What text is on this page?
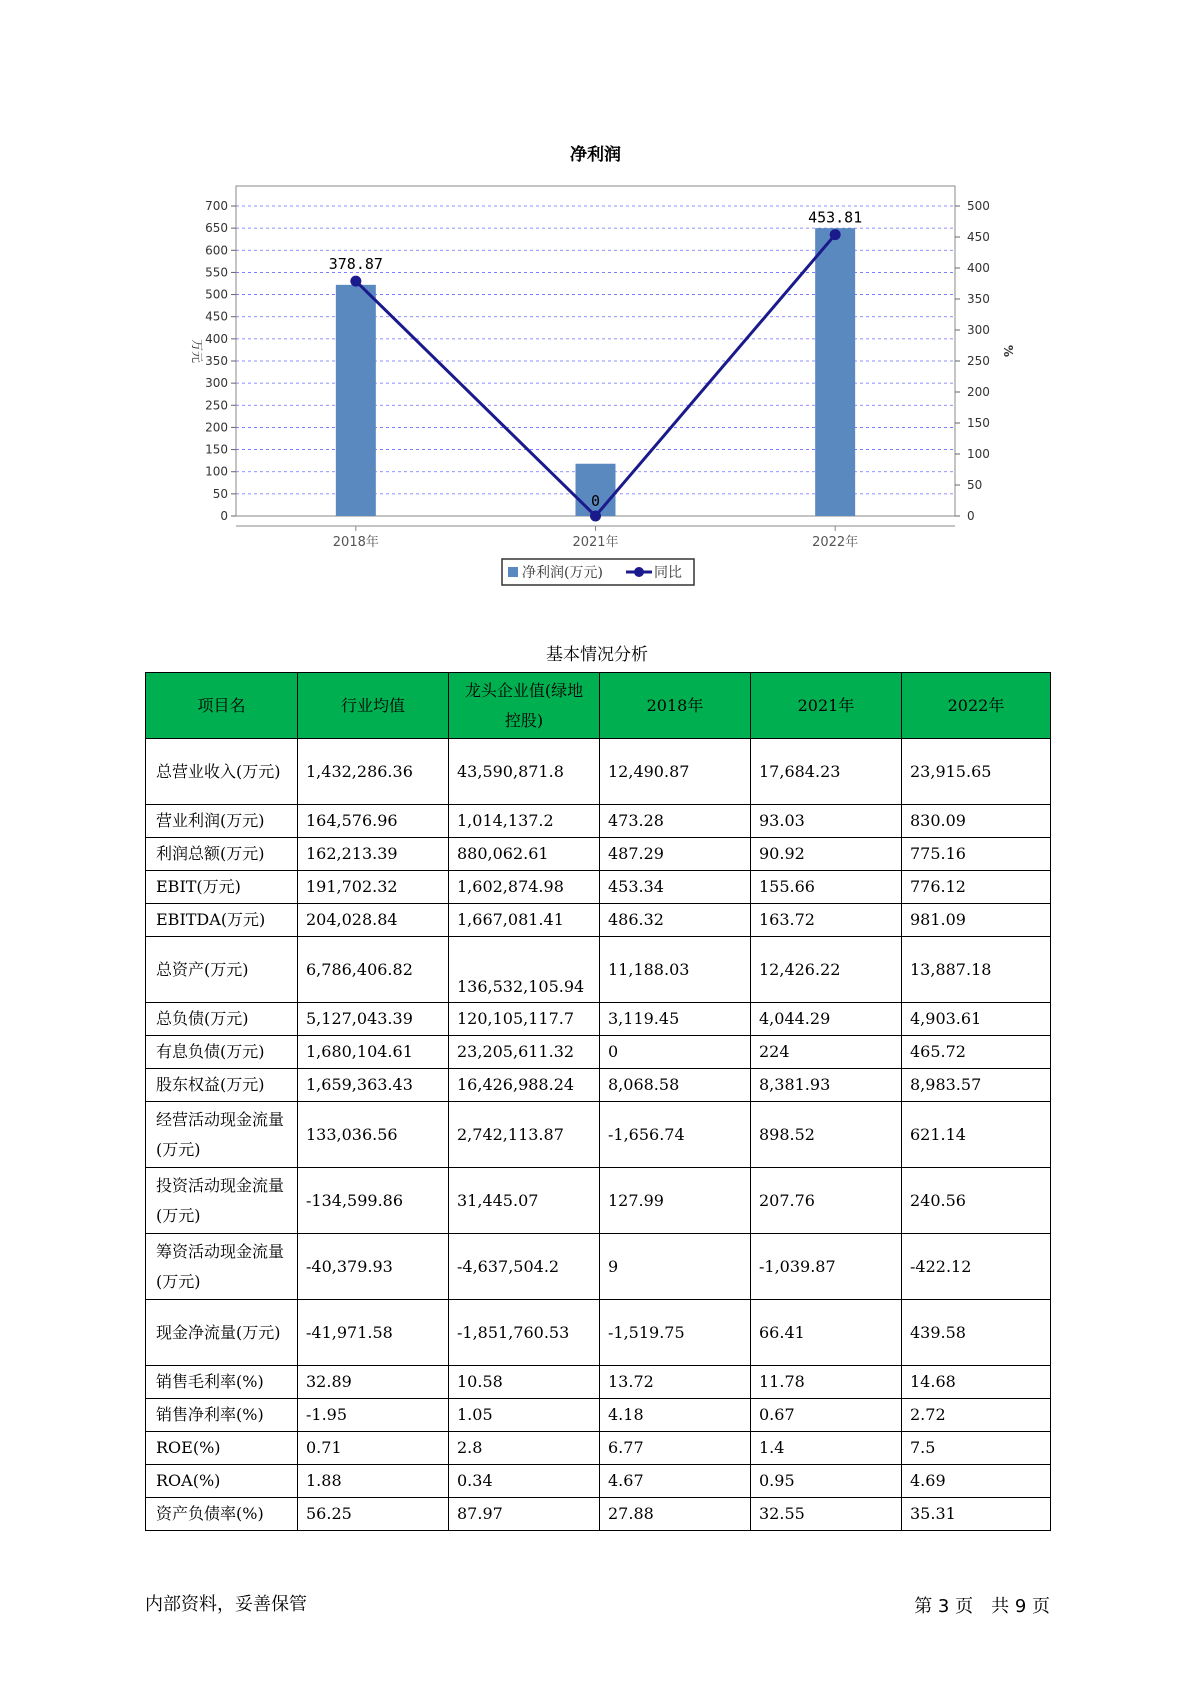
净利润
0
50
100
150
200
250
300
350
400
450
500
550
600
650
700
0
50
100
150
200
250
300
350
400
450
500
万元	%
2018年	2021年	2022年
378.87
0
453.81
净利润(万元)	同比
基本情况分析
项目名	行业均值	龙头企业值(绿地控股)	2018年	2021年	2022年
总营业收入(万元)	1,432,286.36	43,590,871.8	12,490.87	17,684.23	23,915.65
营业利润(万元)	164,576.96	1,014,137.2	473.28	93.03	830.09
利润总额(万元)	162,213.39	880,062.61	487.29	90.92	775.16
EBIT(万元)	191,702.32	1,602,874.98	453.34	155.66	776.12
EBITDA(万元)	204,028.84	1,667,081.41	486.32	163.72	981.09
总资产(万元)	6,786,406.82	136,532,105.94	11,188.03	12,426.22	13,887.18
总负债(万元)	5,127,043.39	120,105,117.7	3,119.45	4,044.29	4,903.61
有息负债(万元)	1,680,104.61	23,205,611.32	0	224	465.72
股东权益(万元)	1,659,363.43	16,426,988.24	8,068.58	8,381.93	8,983.57
经营活动现金流量(万元)	133,036.56	2,742,113.87	-1,656.74	898.52	621.14
投资活动现金流量(万元)	-134,599.86	31,445.07	127.99	207.76	240.56
筹资活动现金流量(万元)	-40,379.93	-4,637,504.2	9	-1,039.87	-422.12
现金净流量(万元)	-41,971.58	-1,851,760.53	-1,519.75	66.41	439.58
销售毛利率(%)	32.89	10.58	13.72	11.78	14.68
销售净利率(%)	-1.95	1.05	4.18	0.67	2.72
ROE(%)	0.71	2.8	6.77	1.4	7.5
ROA(%)	1.88	0.34	4.67	0.95	4.69
资产负债率(%)	56.25	87.97	27.88	32.55	35.31
内部资料，妥善保管	第 3 页　共 9 页
